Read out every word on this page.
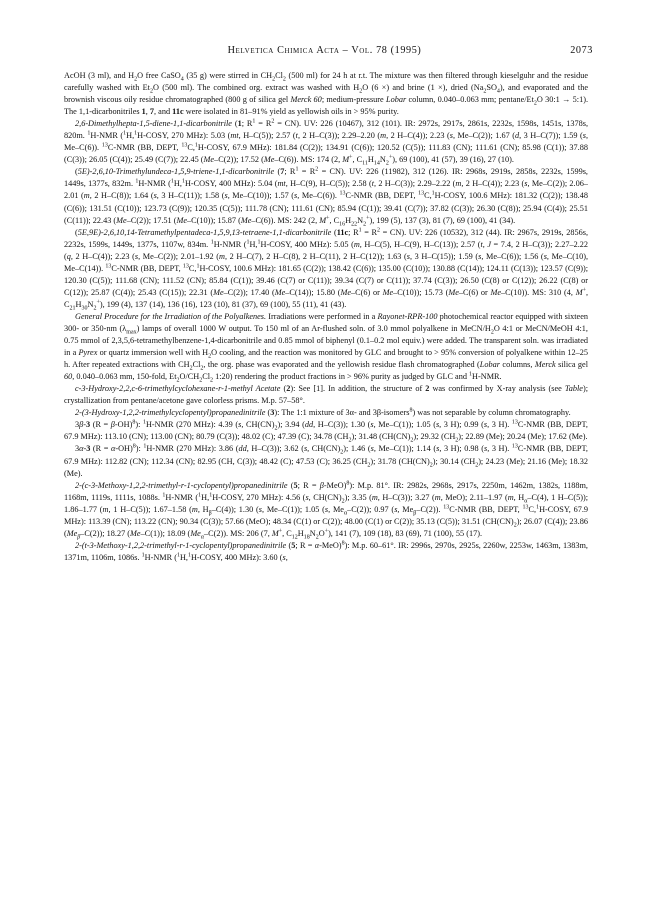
Helvetica Chimica Acta – Vol. 78 (1995)	2073

AcOH (3 ml), and $H_2O$ free CaSO$_4$ (35 g) were stirred in $CH_2Cl_2$ (500 ml) for 24 h at r.t. The mixture was then filtered through kieselguhr and the residue carefully washed with $Et_2O$ (500 ml). The combined org. extract was washed with $H_2O$ (6 ×) and brine (1 ×), dried $(Na_2SO_4)$, and evaporated and the brownish viscous oily residue chromatographed (800 g of silica gel Merck 60; medium-pressure Lobar column, 0.040–0.063 mm; pentane/$Et_2O$ 30:1 → 5:1). The 1,1-dicarbonitriles 1, 7, and 11c were isolated in 81–91% yield as yellowish oils in > 95% purity.

2,6-Dimethylhepta-1,5-diene-1,1-dicarbonitrile (1; $R^1 = R^2 = CN$). UV: 226 (10467), 312 (101). IR: 2972s, 2917s, 2861s, 2232s, 1598s, 1451s, 1378s, 820m. $^1$H-NMR ($^1$H,$^1$H-COSY, 270 MHz): 5.03 (mt, H–C(5)); 2.57 (t, 2 H–C(3)); 2.29–2.20 (m, 2 H–C(4)); 2.23 (s, Me–C(2)); 1.67 (d, 3 H–C(7)); 1.59 (s, Me–C(6)). $^{13}$C-NMR (BB, DEPT, $^{13}$C,$^1$H-COSY, 67.9 MHz): 181.84 (C(2)); 134.91 (C(6)); 120.52 (C(5)); 111.83 (CN); 111.61 (CN); 85.98 (C(1)); 37.88 (C(3)); 26.05 (C(4)); 25.49 (C(7)); 22.45 (Me–C(2)); 17.52 (Me–C(6)). MS: 174 (2, M+, $C_{11}H_{14}N_2^+$), 69 (100), 41 (57), 39 (16), 27 (10).

(5E)-2,6,10-Trimethylundeca-1,5,9-triene-1,1-dicarbonitrile (7; $R^1 = R^2 = CN$). UV: 226 (11982), 312 (126). IR: 2968s, 2919s, 2858s, 2232s, 1599s, 1449s, 1377s, 832m. $^1$H-NMR ($^1$H,$^1$H-COSY, 400 MHz): 5.04 (mt, H–C(9), H–C(5)); 2.58 (t, 2 H–C(3)); 2.29–2.22 (m, 2 H–C(4)); 2.23 (s, Me–C(2)); 2.06–2.01 (m, 2 H–C(8)); 1.64 (s, 3 H–C(11)); 1.58 (s, Me–C(10)); 1.57 (s, Me–C(6)). $^{13}$C-NMR (BB, DEPT, $^{13}$C,$^1$H-COSY, 100.6 MHz): 181.32 (C(2)); 138.48 (C(6)); 131.51 (C(10)); 123.73 (C(9)); 120.35 (C(5)); 111.78 (CN); 111.61 (CN); 85.94 (C(1)); 39.41 (C(7)); 37.82 (C(3)); 26.30 (C(8)); 25.94 (C(4)); 25.51 (C(11)); 22.43 (Me–C(2)); 17.51 (Me–C(10)); 15.87 (Me–C(6)). MS: 242 (2, M+, $C_{16}H_{22}N_2^+$), 199 (5), 137 (3), 81 (7), 69 (100), 41 (34).

(5E,9E)-2,6,10,14-Tetramethylpentadeca-1,5,9,13-tetraene-1,1-dicarbonitrile (11c; $R^1 = R^2 = CN$). UV: 226 (10532), 312 (44). IR: 2967s, 2919s, 2856s, 2232s, 1599s, 1449s, 1377s, 1107w, 834m. $^1$H-NMR ($^1$H,$^1$H-COSY, 400 MHz): 5.05 (m, H–C(5), H–C(9), H–C(13)); 2.57 (t, J = 7.4, 2 H–C(3)); 2.27–2.22 (q, 2 H–C(4)); 2.23 (s, Me–C(2)); 2.01–1.92 (m, 2 H–C(7), 2 H–C(8), 2 H–C(11), 2 H–C(12)); 1.63 (s, 3 H–C(15)); 1.59 (s, Me–C(6)); 1.56 (s, Me–C(10), Me–C(14)). $^{13}$C-NMR (BB, DEPT, $^{13}$C,$^1$H-COSY, 100.6 MHz): 181.65 (C(2)); 138.42 (C(6)); 135.00 (C(10)); 130.88 (C(14)); 124.11 (C(13)); 123.57 (C(9)); 120.30 (C(5)); 111.68 (CN); 111.52 (CN); 85.84 (C(1)); 39.46 (C(7) or C(11)); 39.34 (C(7) or C(11)); 37.74 (C(3)); 26.50 (C(8) or C(12)); 26.22 (C(8) or C(12)); 25.87 (C(4)); 25.43 (C(15)); 22.31 (Me–C(2)); 17.40 (Me–C(14)); 15.80 (Me–C(6) or Me–C(10)); 15.73 (Me–C(6) or Me–C(10)). MS: 310 (4, M+, $C_{21}H_{30}N_2^+$), 199 (4), 137 (14), 136 (16), 123 (10), 81 (37), 69 (100), 55 (11), 41 (43).

General Procedure for the Irradiation of the Polyalkenes. Irradiations were performed in a Rayonet-RPR-100 photochemical reactor equipped with sixteen 300- or 350-nm $(\lambda_{max})$ lamps of overall 1000 W output. To 150 ml of an Ar-flushed soln. of 3.0 mmol polyalkene in MeCN/$H_2O$ 4:1 or MeCN/MeOH 4:1, 0.75 mmol of 2,3,5,6-tetramethylbenzene-1,4-dicarbonitrile and 0.85 mmol of biphenyl (0.1–0.2 mol equiv.) were added. The transparent soln. was irradiated in a Pyrex or quartz immersion well with $H_2O$ cooling, and the reaction was monitored by GLC and brought to > 95% conversion of polyalkene within 12–25 h. After repeated extractions with $CH_2Cl_2$, the org. phase was evaporated and the yellowish residue flash chromatographed (Lobar columns, Merck silica gel 60, 0.040–0.063 mm, 150-fold, $Et_2O/CH_2Cl_2$ 1:20) rendering the product fractions in > 96% purity as judged by GLC and $^1$H-NMR.

c-3-Hydroxy-2,2,c-6-trimethylcyclohexane-r-1-methyl Acetate (2): See [1]. In addition, the structure of 2 was confirmed by X-ray analysis (see Table); crystallization from pentane/acetone gave colorless prisms. M.p. 57–58°.

2-(3-Hydroxy-1,2,2-trimethylcyclopentyl)propanedinitrile (3): The 1:1 mixture of 3α- and 3β-isomers$^8$) was not separable by column chromatography.

3β-3 (R = β-OH)$^8$): $^1$H-NMR (270 MHz): 4.39 (s, $CH(CN)_2$); 3.94 (dd, H–C(3)); 1.30 (s, Me–C(1)); 1.05 (s, 3 H); 0.99 (s, 3 H). $^{13}$C-NMR (BB, DEPT, 67.9 MHz): 113.10 (CN); 113.00 (CN); 80.79 (C(3)); 48.02 (C); 47.39 (C); 34.78 $(CH_2)$; 31.48 $(CH(CN)_2)$; 29.32 $(CH_2)$; 22.89 (Me); 20.24 (Me); 17.62 (Me).

3α-3 (R = α-OH)$^8$): $^1$H-NMR (270 MHz): 3.86 (dd, H–C(3)); 3.62 (s, $CH(CN)_2$); 1.46 (s, Me–C(1)); 1.14 (s, 3 H); 0.98 (s, 3 H). $^{13}$C-NMR (BB, DEPT, 67.9 MHz): 112.82 (CN); 112.34 (CN); 82.95 (CH, C(3)); 48.42 (C); 47.53 (C); 36.25 $(CH_2)$; 31.78 $(CH(CN)_2)$; 30.14 $(CH_2)$; 24.23 (Me); 21.16 (Me); 18.32 (Me).

2-(c-3-Methoxy-1,2,2-trimethyl-r-1-cyclopentyl)propanedinitrile (5; R = β-MeO)$^8$): M.p. 81°. IR: 2982s, 2968s, 2917s, 2250m, 1462m, 1382s, 1188m, 1168m, 1119s, 1111s, 1088s. $^1$H-NMR ($^1$H,$^1$H-COSY, 270 MHz): 4.56 (s, $CH(CN)_2$); 3.35 (m, H–C(3)); 3.27 (m, MeO); 2.11–1.97 (m, $H_\alpha-C(4)$, 1 H–C(5)); 1.86–1.77 (m, 1 H–C(5)); 1.67–1.58 (m, $H_\beta-C(4)$); 1.30 (s, Me–C(1)); 1.05 (s, $Me_\alpha-C(2)$); 0.97 (s, $Me_\beta-C(2)$). $^{13}$C-NMR (BB, DEPT, $^{13}$C,$^1$H-COSY, 67.9 MHz): 113.39 (CN); 113.22 (CN); 90.34 (C(3)); 57.66 (MeO); 48.34 (C(1) or C(2)); 48.00 (C(1) or C(2)); 35.13 (C(5)); 31.51 $(CH(CN)_2)$; 26.07 (C(4)); 23.86 $(Me_\beta-C(2))$; 18.27 (Me–C(1)); 18.09 $(Me_\alpha-C(2))$. MS: 206 (7, M+, $C_{12}H_{18}N_2O^+$), 141 (7), 109 (18), 83 (69), 71 (100), 55 (17).

2-(t-3-Methoxy-1,2,2-trimethyl-r-1-cyclopentyl)propanedinitrile (5; R = α-MeO)$^8$): M.p. 60–61°. IR: 2996s, 2970s, 2925s, 2260w, 2253w, 1463m, 1383m, 1371m, 1106m, 1086s. $^1$H-NMR ($^1$H,$^1$H-COSY, 400 MHz): 3.60 (s,
